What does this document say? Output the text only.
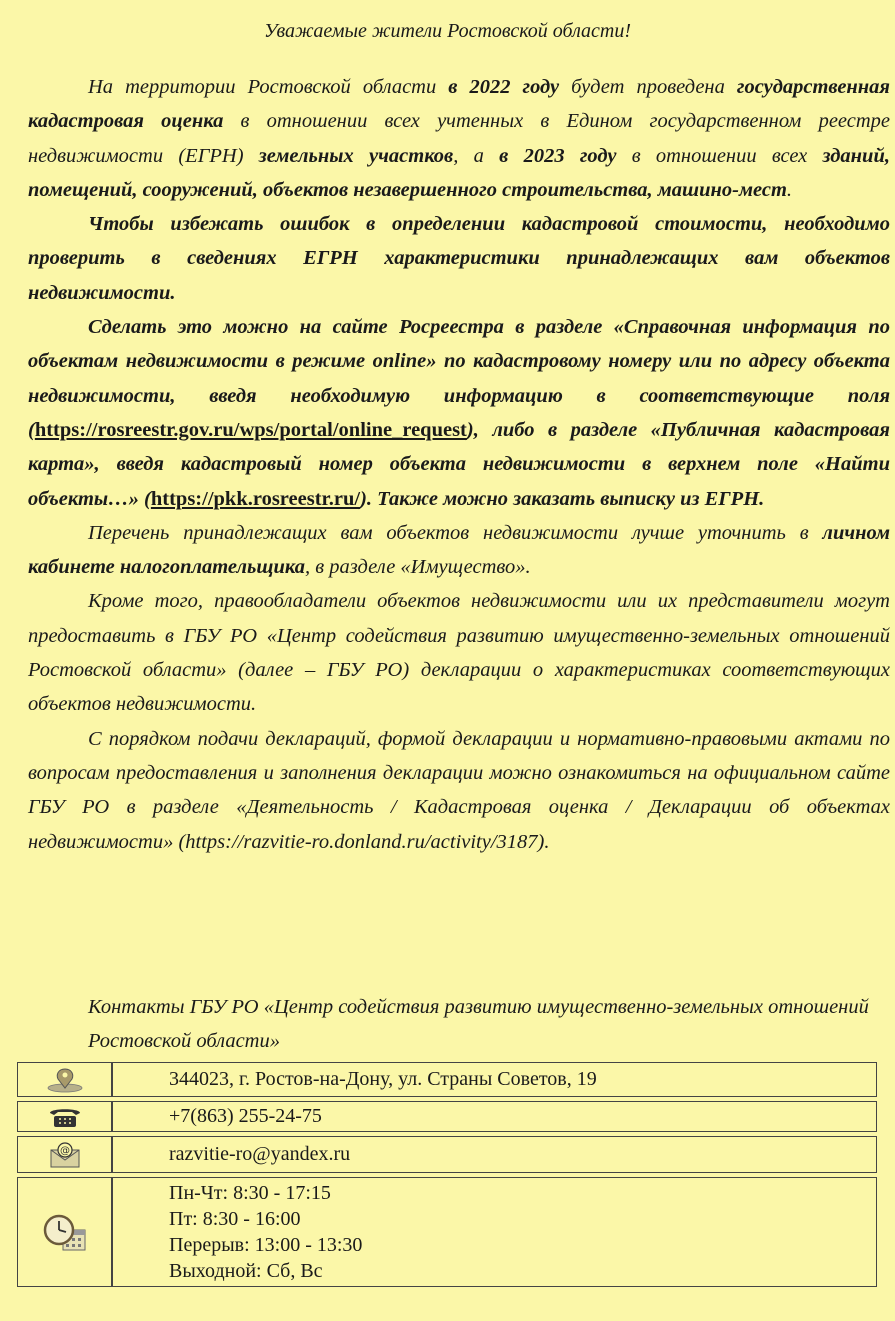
Уважаемые жители Ростовской области!

На территории Ростовской области в 2022 году будет проведена государственная кадастровая оценка в отношении всех учтенных в Едином государственном реестре недвижимости (ЕГРН) земельных участков, а в 2023 году в отношении всех зданий, помещений, сооружений, объектов незавершенного строительства, машино-мест.

Чтобы избежать ошибок в определении кадастровой стоимости, необходимо проверить в сведениях ЕГРН характеристики принадлежащих вам объектов недвижимости.

Сделать это можно на сайте Росреестра в разделе «Справочная информация по объектам недвижимости в режиме online» по кадастровому номеру или по адресу объекта недвижимости, введя необходимую информацию в соответствующие поля (https://rosreestr.gov.ru/wps/portal/online_request), либо в разделе «Публичная кадастровая карта», введя кадастровый номер объекта недвижимости в верхнем поле «Найти объекты…» (https://pkk.rosreestr.ru/). Также можно заказать выписку из ЕГРН.

Перечень принадлежащих вам объектов недвижимости лучше уточнить в личном кабинете налогоплательщика, в разделе «Имущество».

Кроме того, правообладатели объектов недвижимости или их представители могут предоставить в ГБУ РО «Центр содействия развитию имущественно-земельных отношений Ростовской области» (далее – ГБУ РО) декларации о характеристиках соответствующих объектов недвижимости.

С порядком подачи деклараций, формой декларации и нормативно-правовыми актами по вопросам предоставления и заполнения декларации можно ознакомиться на официальном сайте ГБУ РО в разделе «Деятельность / Кадастровая оценка / Декларации об объектах недвижимости» (https://razvitie-ro.donland.ru/activity/3187).

Контакты ГБУ РО «Центр содействия развитию имущественно-земельных отношений Ростовской области»
	344023, г. Ростов-на-Дону, ул. Страны Советов, 19
	+7(863) 255-24-75

@	razvitie-ro@yandex.ru

Пн-Чт: 8:30 - 17:15
Пт: 8:30 - 16:00
Перерыв: 13:00 - 13:30
Выходной: Сб, Вс
